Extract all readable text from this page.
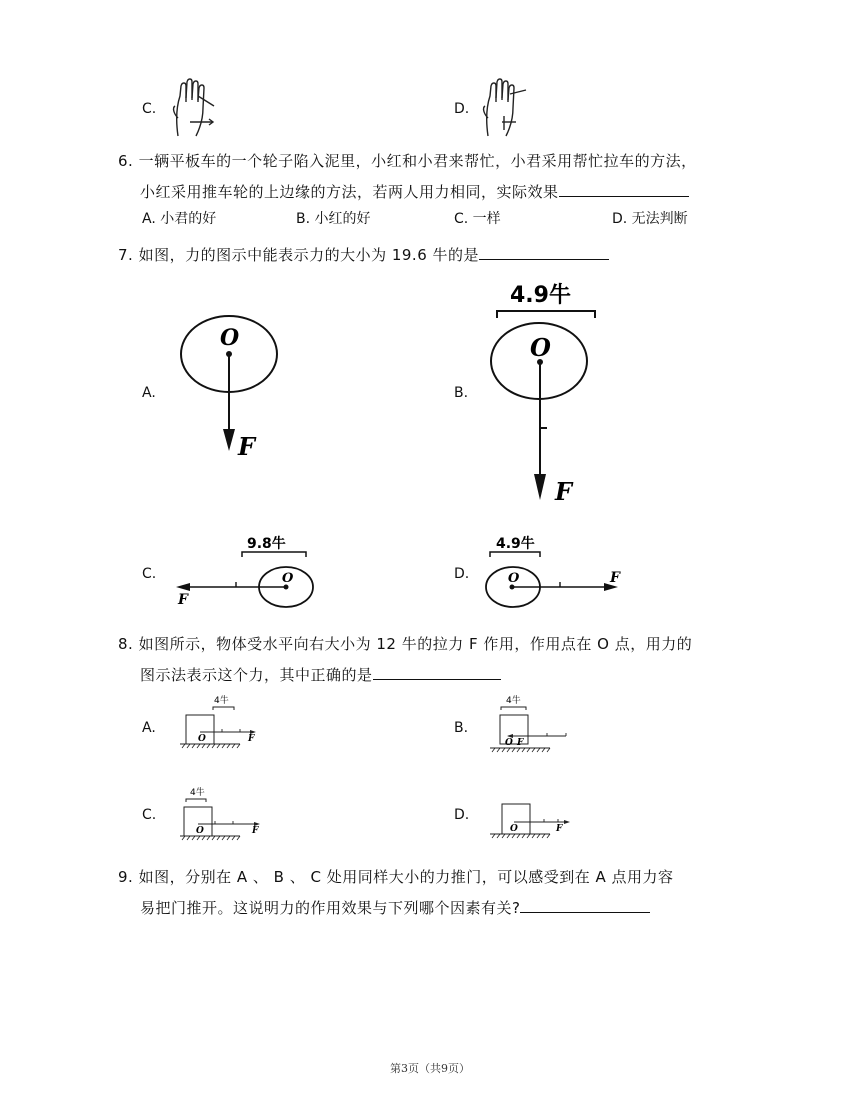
C.	D.
6. 一辆平板车的一个轮子陷入泥里，小红和小君来帮忙，小君采用帮忙拉车的方法，
小红采用推车轮的上边缘的方法，若两人用力相同，实际效果
A. 小君的好	B. 小红的好	C. 一样	D. 无法判断
7. 如图，力的图示中能表示力的大小为 19.6 牛的是
A.
O
F
B.
4.9牛
O
F
C.
9.8牛
O
F
D.
4.9牛
O	F
8. 如图所示，物体受水平向右大小为 12 牛的拉力 F 作用，作用点在 O 点，用力的
图示法表示这个力，其中正确的是
A.
4牛
O	F
B.
4牛
O F
C.
4牛
O	F
D.
O	F
9. 如图，分别在 A 、 B 、 C 处用同样大小的力推门，可以感受到在 A 点用力容
易把门推开。这说明力的作用效果与下列哪个因素有关?
第3页（共9页）
